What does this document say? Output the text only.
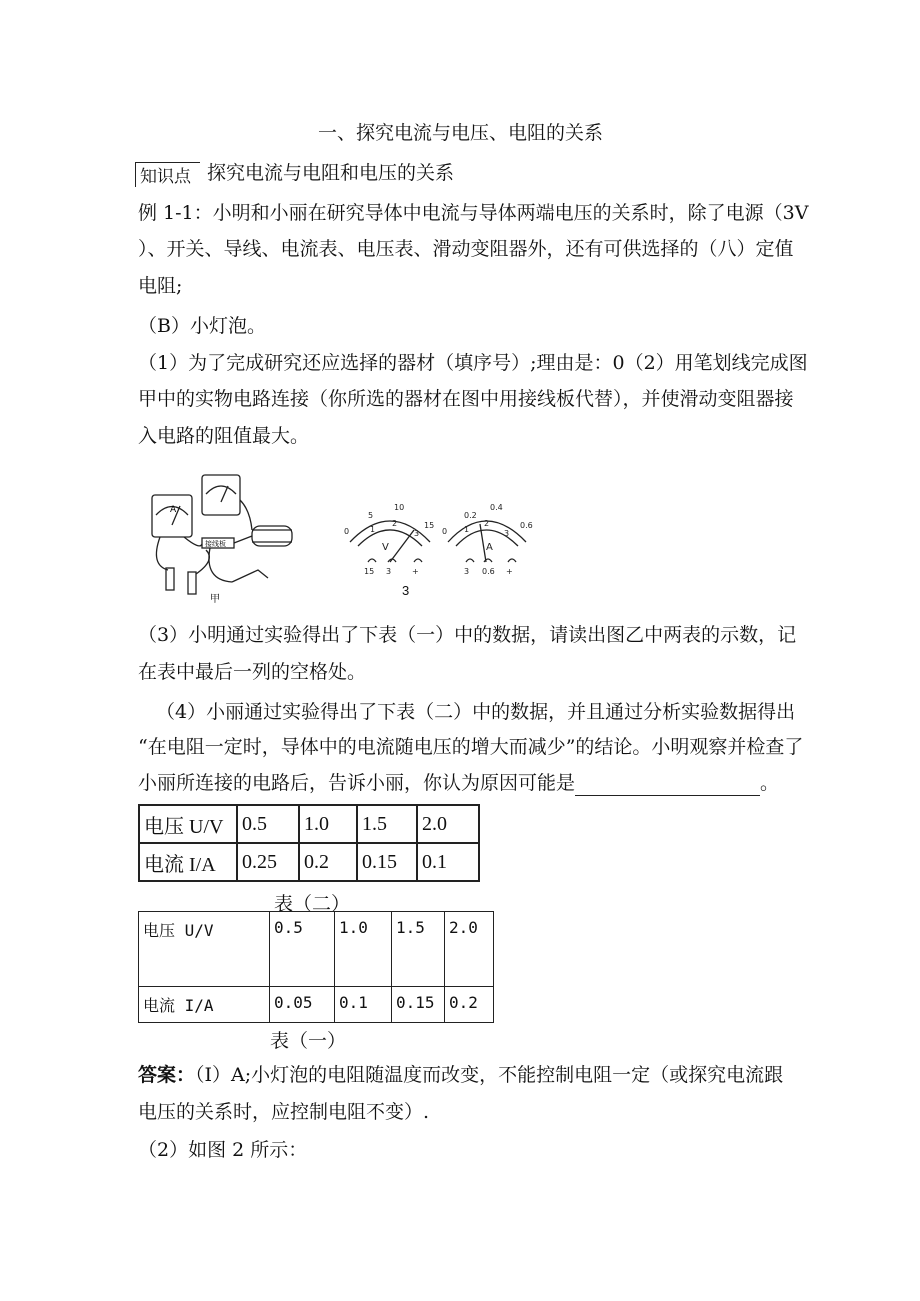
一、探究电流与电压、电阻的关系
知识点 探究电流与电阻和电压的关系
例 1-1：小明和小丽在研究导体中电流与导体两端电压的关系时，除了电源（3V
）、开关、导线、电流表、电压表、滑动变阻器外，还有可供选择的（八）定值
电阻;
（B）小灯泡。
（1）为了完成研究还应选择的器材（填序号）;理由是：0（2）用笔划线完成图
甲中的实物电路连接（你所选的器材在图中用接线板代替），并使滑动变阻器接
入电路的阻值最大。
A
接线板
甲
0
5
10
15
1
2
3
V
15 3	+
0
0.2
0.4
0.6
1
2
3
A
3 0.6 +
3
（3）小明通过实验得出了下表（一）中的数据，请读出图乙中两表的示数，记
在表中最后一列的空格处。
（4）小丽通过实验得出了下表（二）中的数据，并且通过分析实验数据得出
“在电阻一定时，导体中的电流随电压的增大而减少”的结论。小明观察并检查了
小丽所连接的电路后，告诉小丽，你认为原因可能是	。
电压 U/V	0.5	1.0	1.5	2.0
电流 I/A	0.25	0.2	0.15	0.1
表（二）
电压 U/V	0.5	1.0	1.5	2.0
电流 I/A	0.05	0.1	0.15	0.2
表（一）
答案：（I）A;小灯泡的电阻随温度而改变，不能控制电阻一定（或探究电流跟
电压的关系时，应控制电阻不变）.
（2）如图 2 所示：
